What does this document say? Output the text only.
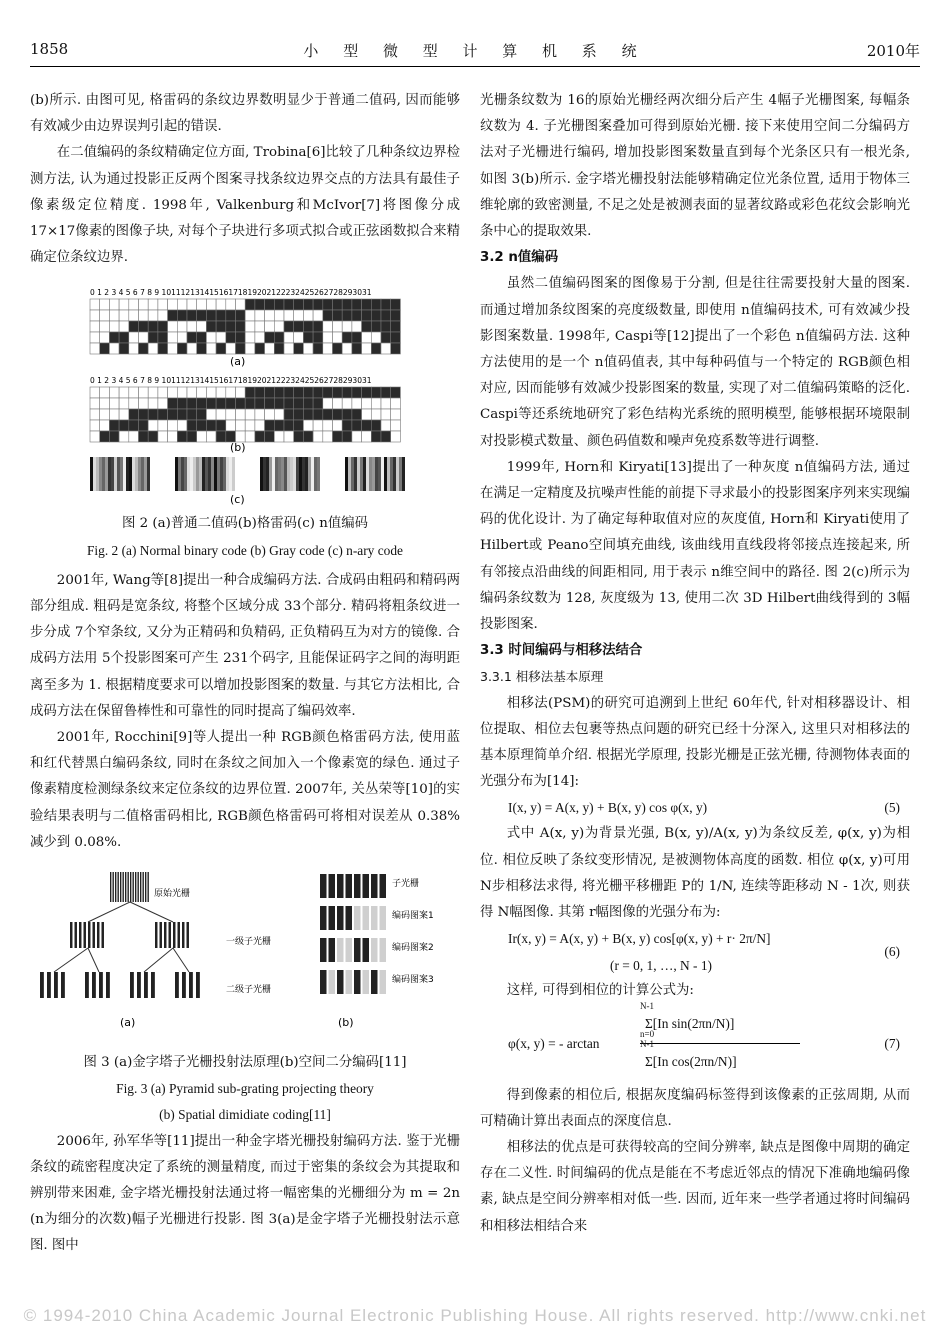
1858	小 型 微 型 计 算 机 系 统	2010年

(b)所示. 由图可见, 格雷码的条纹边界数明显少于普通二值码, 因而能够有效减少由边界误判引起的错误.

在二值编码的条纹精确定位方面, Trobina[6]比较了几种条纹边界检测方法, 认为通过投影正反两个图案寻找条纹边界交点的方法具有最佳子像素级定位精度. 1998年, Valkenburg和McIvor[7]将图像分成 17×17像素的图像子块, 对每个子块进行多项式拟合或正弦函数拟合来精确定位条纹边界.

0 1 2 3 4 5 6 7 8 9 10111213141516171819202122232425262728293031
(a)
0 1 2 3 4 5 6 7 8 9 10111213141516171819202122232425262728293031
(b)
(c)

图 2 (a)普通二值码(b)格雷码(c) n值编码

Fig. 2 (a) Normal binary code (b) Gray code (c) n-ary code

2001年, Wang等[8]提出一种合成编码方法. 合成码由粗码和精码两部分组成. 粗码是宽条纹, 将整个区域分成 33个部分. 精码将粗条纹进一步分成 7个窄条纹, 又分为正精码和负精码, 正负精码互为对方的镜像. 合成码方法用 5个投影图案可产生 231个码字, 且能保证码字之间的海明距离至多为 1. 根据精度要求可以增加投影图案的数量. 与其它方法相比, 合成码方法在保留鲁棒性和可靠性的同时提高了编码效率.

2001年, Rocchini[9]等人提出一种 RGB颜色格雷码方法, 使用蓝和红代替黑白编码条纹, 同时在条纹之间加入一个像素宽的绿色. 通过子像素精度检测绿条纹来定位条纹的边界位置. 2007年, 关丛荣等[10]的实验结果表明与二值格雷码相比, RGB颜色格雷码可将相对误差从 0.38%减少到 0.08%.

原始光栅
一级子光栅
二级子光栅
(a)
子光栅
编码图案1
编码图案2
编码图案3
(b)

图 3 (a)金字塔子光栅投射法原理(b)空间二分编码[11]

Fig. 3 (a) Pyramid sub-grating projecting theory

(b) Spatial dimidiate coding[11]

2006年, 孙军华等[11]提出一种金字塔光栅投射编码方法. 鉴于光栅条纹的疏密程度决定了系统的测量精度, 而过于密集的条纹会为其提取和辨别带来困难, 金字塔光栅投射法通过将一幅密集的光栅细分为 m = 2n (n为细分的次数)幅子光栅进行投影. 图 3(a)是金字塔子光栅投射法示意图. 图中

光栅条纹数为 16的原始光栅经两次细分后产生 4幅子光栅图案, 每幅条纹数为 4. 子光栅图案叠加可得到原始光栅. 接下来使用空间二分编码方法对子光栅进行编码, 增加投影图案数量直到每个光条区只有一根光条, 如图 3(b)所示. 金字塔光栅投射法能够精确定位光条位置, 适用于物体三维轮廓的致密测量, 不足之处是被测表面的显著纹路或彩色花纹会影响光条中心的提取效果.

3.2 n值编码

虽然二值编码图案的图像易于分割, 但是往往需要投射大量的图案. 而通过增加条纹图案的亮度级数量, 即使用 n值编码技术, 可有效减少投影图案数量. 1998年, Caspi等[12]提出了一个彩色 n值编码方法. 这种方法使用的是一个 n值码值表, 其中每种码值与一个特定的 RGB颜色相对应, 因而能够有效减少投影图案的数量, 实现了对二值编码策略的泛化. Caspi等还系统地研究了彩色结构光系统的照明模型, 能够根据环境限制对投影模式数量、颜色码值数和噪声免疫系数等进行调整.

1999年, Horn和 Kiryati[13]提出了一种灰度 n值编码方法, 通过在满足一定精度及抗噪声性能的前提下寻求最小的投影图案序列来实现编码的优化设计. 为了确定每种取值对应的灰度值, Horn和 Kiryati使用了 Hilbert或 Peano空间填充曲线, 该曲线用直线段将邻接点连接起来, 所有邻接点沿曲线的间距相同, 用于表示 n维空间中的路径. 图 2(c)所示为编码条纹数为 128, 灰度级为 13, 使用二次 3D Hilbert曲线得到的 3幅投影图案.

3.3 时间编码与相移法结合

3.3.1 相移法基本原理

相移法(PSM)的研究可追溯到上世纪 60年代, 针对相移器设计、相位提取、相位去包裹等热点问题的研究已经十分深入, 这里只对相移法的基本原理简单介绍. 根据光学原理, 投影光栅是正弦光栅, 待测物体表面的光强分布为[14]:

I(x, y) = A(x, y) + B(x, y) cos φ(x, y)	(5)

式中 A(x, y)为背景光强, B(x, y)/A(x, y)为条纹反差, φ(x, y)为相位. 相位反映了条纹变形情况, 是被测物体高度的函数. 相位 φ(x, y)可用 N步相移法求得, 将光栅平移栅距 P的 1/N, 连续等距移动 N - 1次, 则获得 N幅图像. 其第 r幅图像的光强分布为:

Ir(x, y) = A(x, y) + B(x, y) cos[φ(x, y) + r· 2π/N]
(r = 0, 1, …, N - 1)
(6)

这样, 可得到相位的计算公式为:

φ(x, y) = - arctan
N-1
Σ[In sin(2πn/N)]
n=0
N-1
Σ[In cos(2πn/N)]
(7)

得到像素的相位后, 根据灰度编码标签得到该像素的正弦周期, 从而可精确计算出表面点的深度信息.

相移法的优点是可获得较高的空间分辨率, 缺点是图像中周期的确定存在二义性. 时间编码的优点是能在不考虑近邻点的情况下准确地编码像素, 缺点是空间分辨率相对低一些. 因而, 近年来一些学者通过将时间编码和相移法相结合来

© 1994-2010 China Academic Journal Electronic Publishing House. All rights reserved. http://www.cnki.net
